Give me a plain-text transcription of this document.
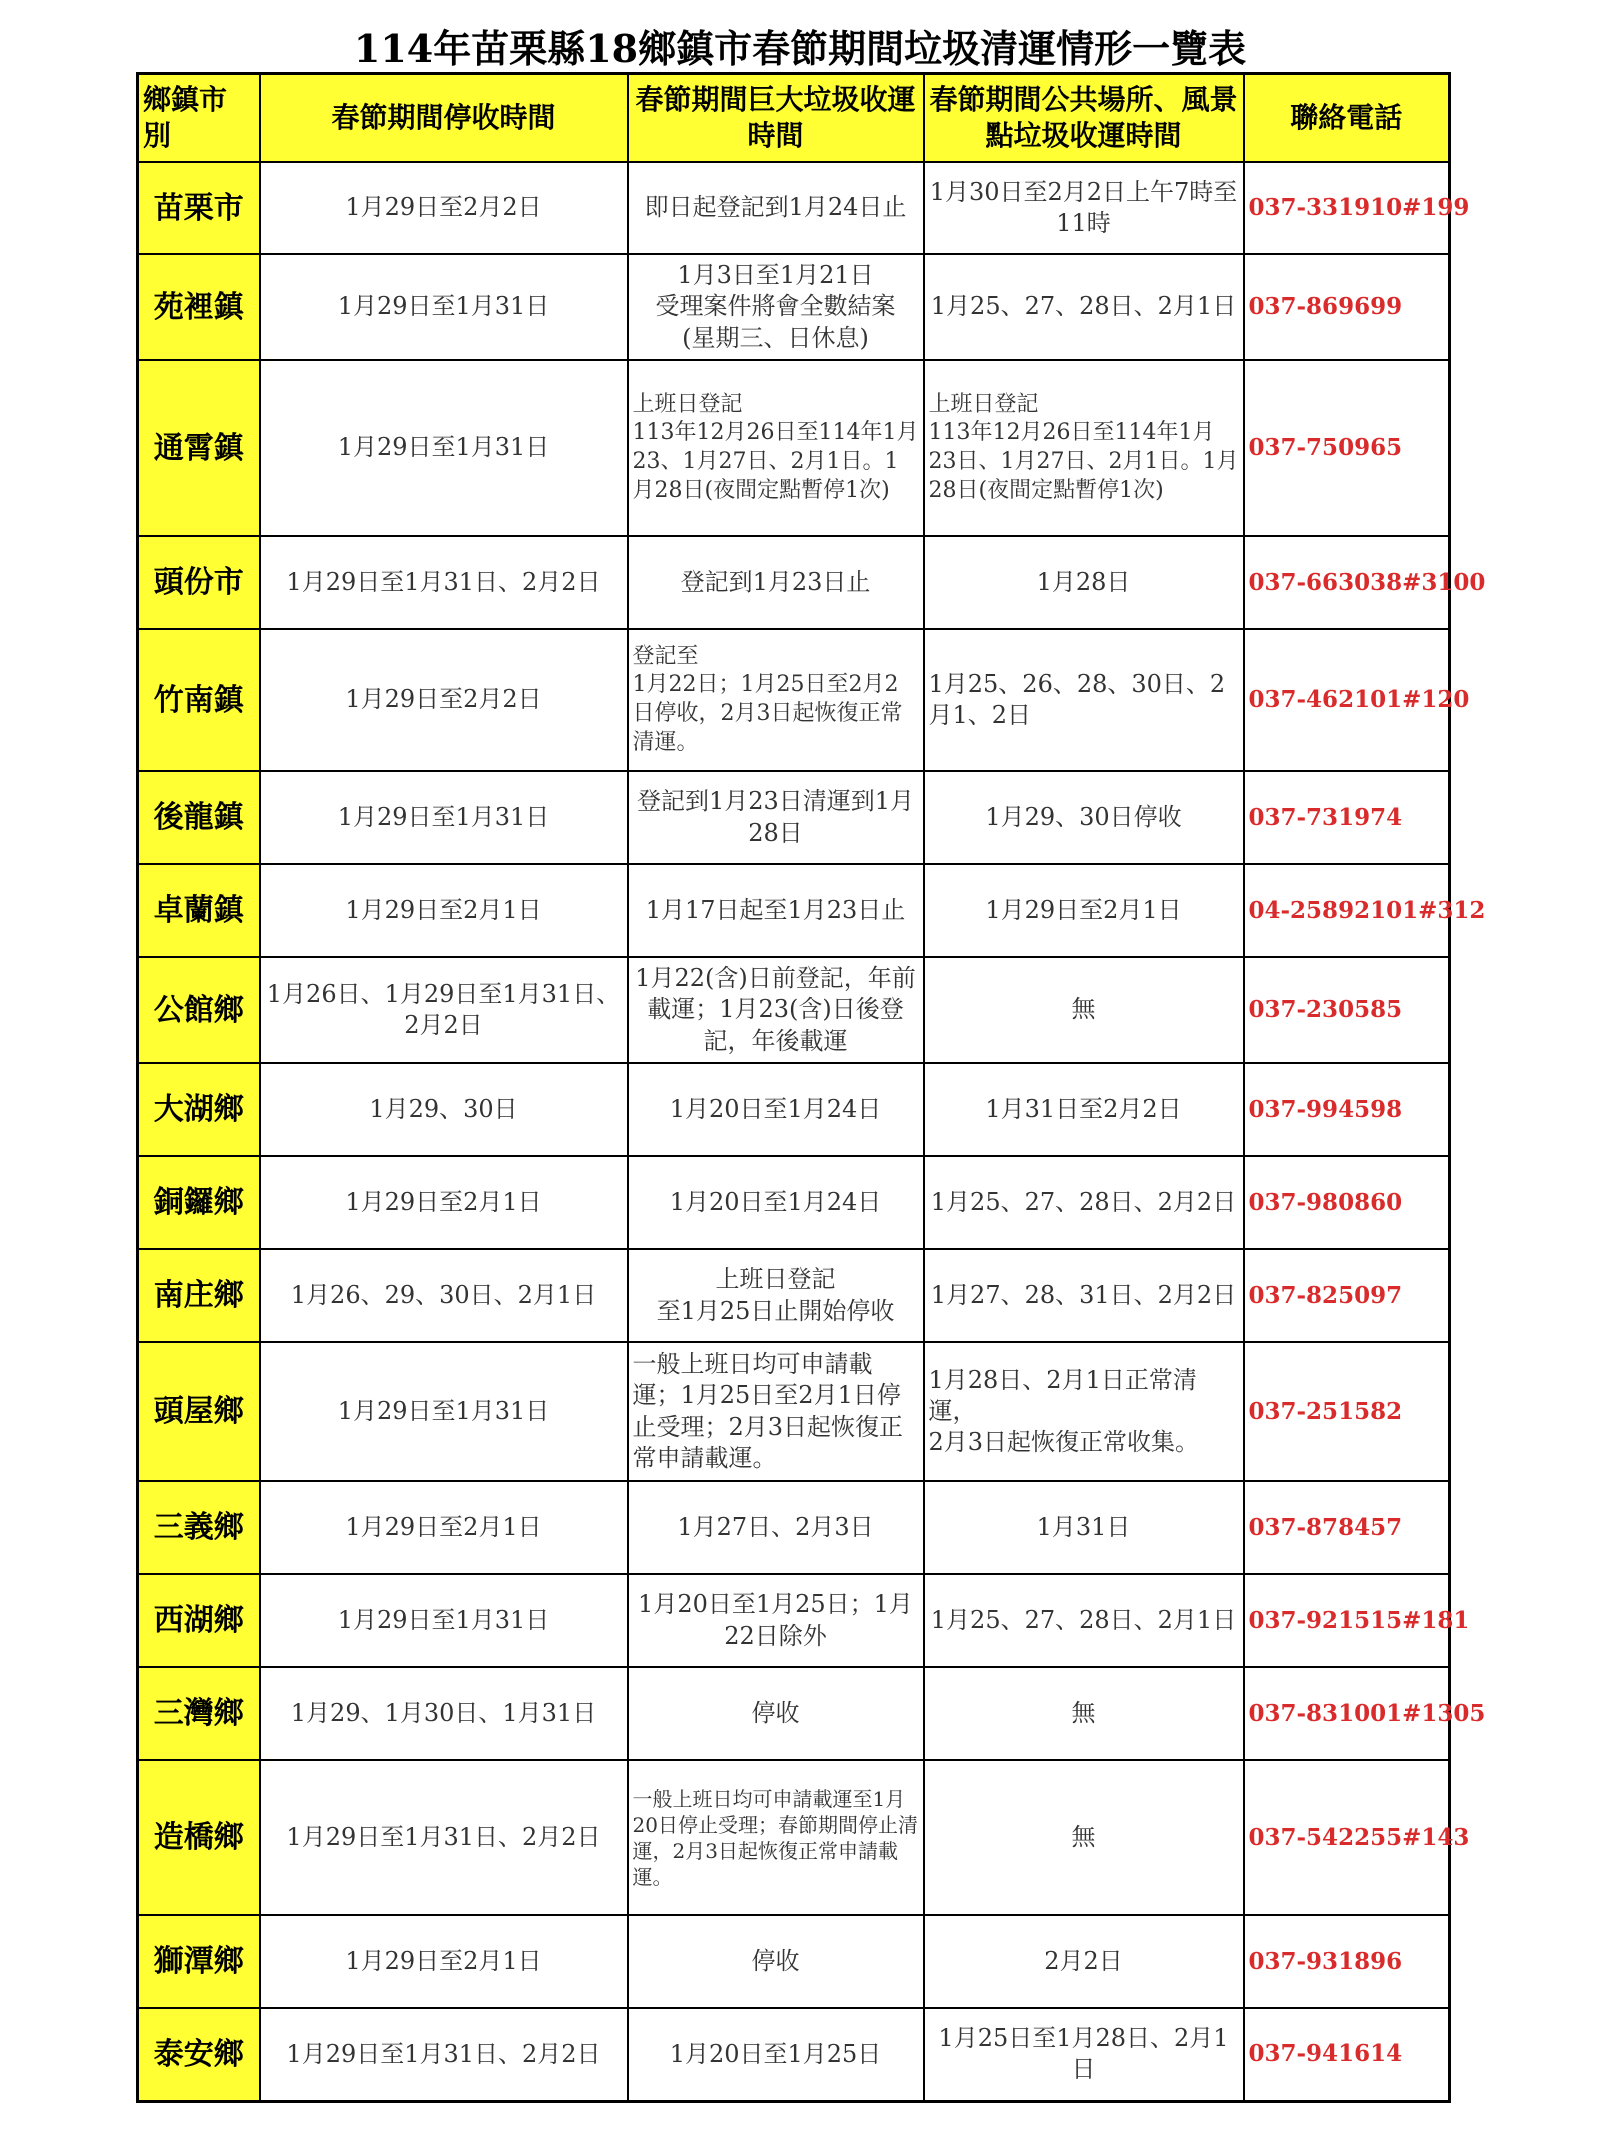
114年苗栗縣18鄉鎮市春節期間垃圾清運情形一覽表
鄉鎮市別	春節期間停收時間	春節期間巨大垃圾收運時間	春節期間公共場所、風景點垃圾收運時間	聯絡電話
苗栗市	1月29日至2月2日	即日起登記到1月24日止	1月30日至2月2日上午7時至11時	037-331910#199
苑裡鎮	1月29日至1月31日	1月3日至1月21日
受理案件將會全數結案
(星期三、日休息)	1月25、27、28日、2月1日	037-869699
通霄鎮	1月29日至1月31日	上班日登記
113年12月26日至114年1月23、1月27日、2月1日。1月28日(夜間定點暫停1次)	上班日登記
113年12月26日至114年1月23日、1月27日、2月1日。1月28日(夜間定點暫停1次)	037-750965
頭份市	1月29日至1月31日、2月2日	登記到1月23日止	1月28日	037-663038#3100
竹南鎮	1月29日至2月2日	登記至
1月22日；1月25日至2月2日停收，2月3日起恢復正常清運。	1月25、26、28、30日、2月1、2日	037-462101#120
後龍鎮	1月29日至1月31日	登記到1月23日清運到1月28日	1月29、30日停收	037-731974
卓蘭鎮	1月29日至2月1日	1月17日起至1月23日止	1月29日至2月1日	04-25892101#312
公館鄉	1月26日、1月29日至1月31日、2月2日	1月22(含)日前登記，年前載運；1月23(含)日後登記，年後載運	無	037-230585
大湖鄉	1月29、30日	1月20日至1月24日	1月31日至2月2日	037-994598
銅鑼鄉	1月29日至2月1日	1月20日至1月24日	1月25、27、28日、2月2日	037-980860
南庄鄉	1月26、29、30日、2月1日	上班日登記
至1月25日止開始停收	1月27、28、31日、2月2日	037-825097
頭屋鄉	1月29日至1月31日	一般上班日均可申請載運；1月25日至2月1日停止受理；2月3日起恢復正常申請載運。	1月28日、2月1日正常清運，
2月3日起恢復正常收集。	037-251582
三義鄉	1月29日至2月1日	1月27日、2月3日	1月31日	037-878457
西湖鄉	1月29日至1月31日	1月20日至1月25日；1月22日除外	1月25、27、28日、2月1日	037-921515#181
三灣鄉	1月29、1月30日、1月31日	停收	無	037-831001#1305
造橋鄉	1月29日至1月31日、2月2日	一般上班日均可申請載運至1月20日停止受理；春節期間停止清運，2月3日起恢復正常申請載運。	無	037-542255#143
獅潭鄉	1月29日至2月1日	停收	2月2日	037-931896
泰安鄉	1月29日至1月31日、2月2日	1月20日至1月25日	1月25日至1月28日、2月1日	037-941614
